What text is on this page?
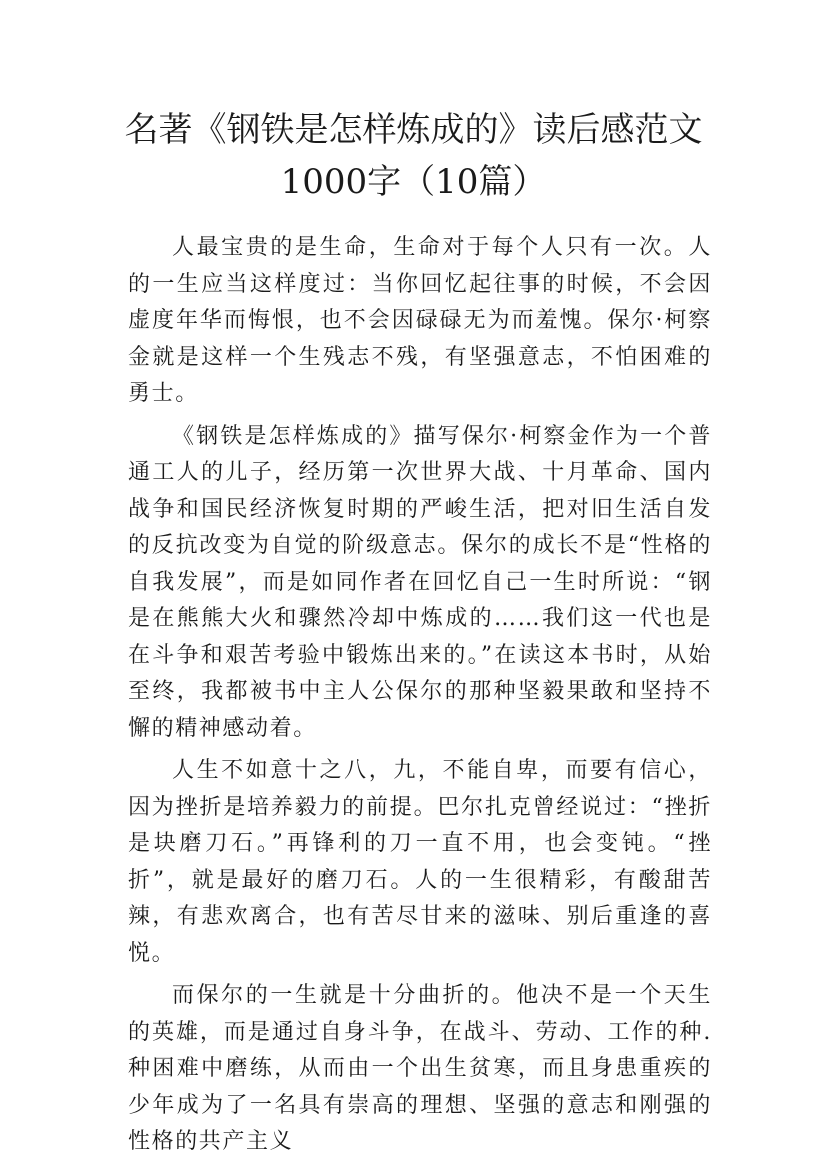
名著《钢铁是怎样炼成的》读后感范文1000字（10篇）

人最宝贵的是生命，生命对于每个人只有一次。人的一生应当这样度过：当你回忆起往事的时候，不会因虚度年华而悔恨，也不会因碌碌无为而羞愧。保尔·柯察金就是这样一个生残志不残，有坚强意志，不怕困难的勇士。

《钢铁是怎样炼成的》描写保尔·柯察金作为一个普通工人的儿子，经历第一次世界大战、十月革命、国内战争和国民经济恢复时期的严峻生活，把对旧生活自发的反抗改变为自觉的阶级意志。保尔的成长不是“性格的自我发展”，而是如同作者在回忆自己一生时所说：“钢是在熊熊大火和骤然冷却中炼成的……我们这一代也是在斗争和艰苦考验中锻炼出来的。”在读这本书时，从始至终，我都被书中主人公保尔的那种坚毅果敢和坚持不懈的精神感动着。

人生不如意十之八，九，不能自卑，而要有信心，因为挫折是培养毅力的前提。巴尔扎克曾经说过：“挫折是块磨刀石。”再锋利的刀一直不用，也会变钝。“挫折”，就是最好的磨刀石。人的一生很精彩，有酸甜苦辣，有悲欢离合，也有苦尽甘来的滋味、别后重逢的喜悦。

而保尔的一生就是十分曲折的。他决不是一个天生的英雄，而是通过自身斗争，在战斗、劳动、工作的种.种困难中磨练，从而由一个出生贫寒，而且身患重疾的少年成为了一名具有崇高的理想、坚强的意志和刚强的性格的共产主义
